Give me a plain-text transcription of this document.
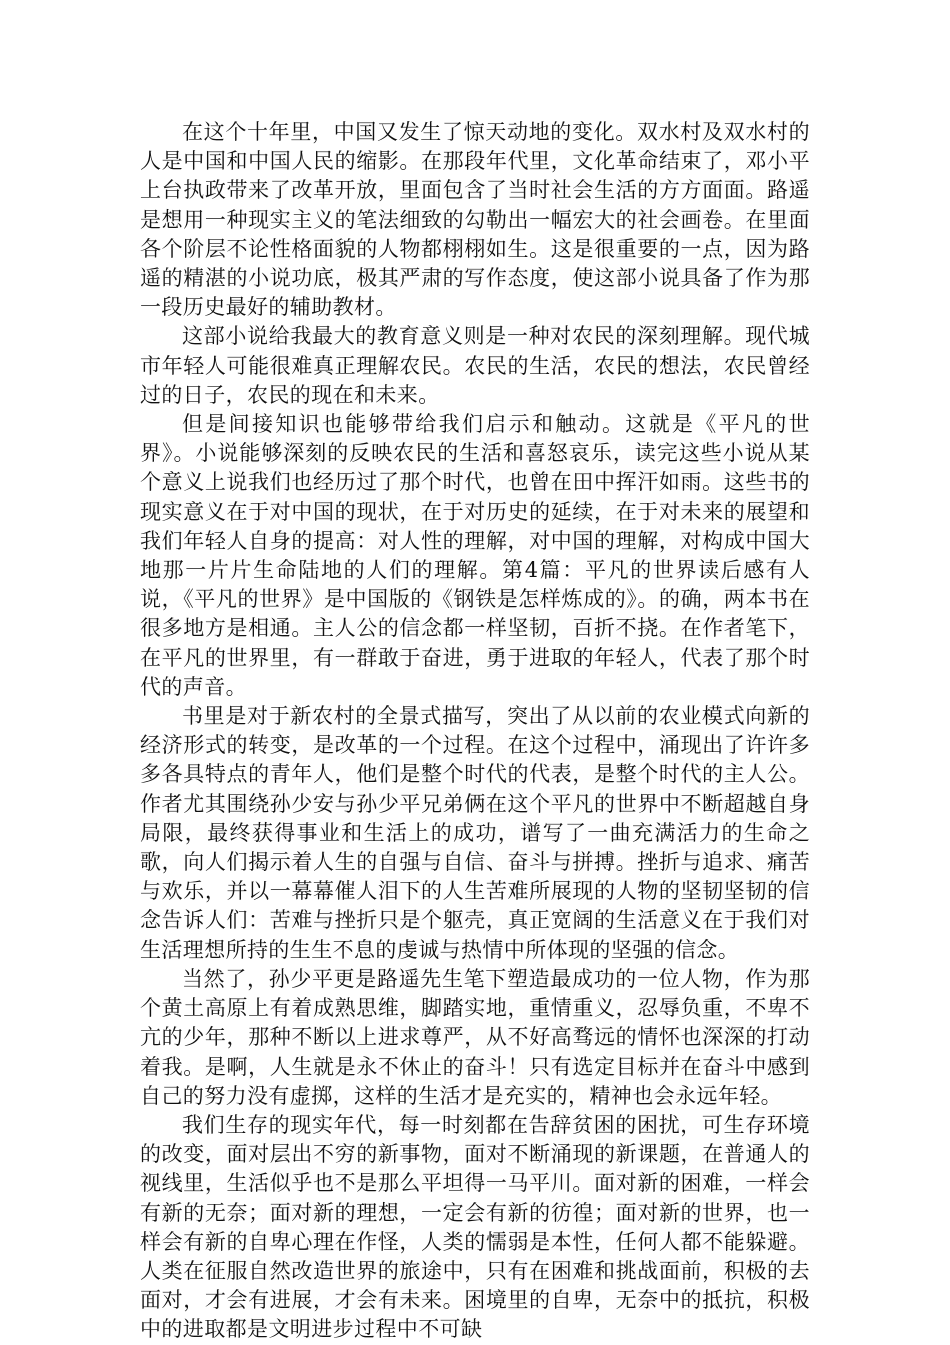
在这个十年里，中国又发生了惊天动地的变化。双水村及双水村的人是中国和中国人民的缩影。在那段年代里，文化革命结束了，邓小平上台执政带来了改革开放，里面包含了当时社会生活的方方面面。路遥是想用一种现实主义的笔法细致的勾勒出一幅宏大的社会画卷。在里面各个阶层不论性格面貌的人物都栩栩如生。这是很重要的一点，因为路遥的精湛的小说功底，极其严肃的写作态度，使这部小说具备了作为那一段历史最好的辅助教材。

这部小说给我最大的教育意义则是一种对农民的深刻理解。现代城市年轻人可能很难真正理解农民。农民的生活，农民的想法，农民曾经过的日子，农民的现在和未来。

但是间接知识也能够带给我们启示和触动。这就是《平凡的世界》。小说能够深刻的反映农民的生活和喜怒哀乐，读完这些小说从某个意义上说我们也经历过了那个时代，也曾在田中挥汗如雨。这些书的现实意义在于对中国的现状，在于对历史的延续，在于对未来的展望和我们年轻人自身的提高：对人性的理解，对中国的理解，对构成中国大地那一片片生命陆地的人们的理解。第4篇：平凡的世界读后感有人说，《平凡的世界》是中国版的《钢铁是怎样炼成的》。的确，两本书在很多地方是相通。主人公的信念都一样坚韧，百折不挠。在作者笔下，在平凡的世界里，有一群敢于奋进，勇于进取的年轻人，代表了那个时代的声音。

书里是对于新农村的全景式描写，突出了从以前的农业模式向新的经济形式的转变，是改革的一个过程。在这个过程中，涌现出了许许多多各具特点的青年人，他们是整个时代的代表，是整个时代的主人公。作者尤其围绕孙少安与孙少平兄弟俩在这个平凡的世界中不断超越自身局限，最终获得事业和生活上的成功，谱写了一曲充满活力的生命之歌，向人们揭示着人生的自强与自信、奋斗与拼搏。挫折与追求、痛苦与欢乐，并以一幕幕催人泪下的人生苦难所展现的人物的坚韧坚韧的信念告诉人们：苦难与挫折只是个躯壳，真正宽阔的生活意义在于我们对生活理想所持的生生不息的虔诚与热情中所体现的坚强的信念。

当然了，孙少平更是路遥先生笔下塑造最成功的一位人物，作为那个黄土高原上有着成熟思维，脚踏实地，重情重义，忍辱负重，不卑不亢的少年，那种不断以上进求尊严，从不好高骛远的情怀也深深的打动着我。是啊，人生就是永不休止的奋斗！只有选定目标并在奋斗中感到自己的努力没有虚掷，这样的生活才是充实的，精神也会永远年轻。

我们生存的现实年代，每一时刻都在告辞贫困的困扰，可生存环境的改变，面对层出不穷的新事物，面对不断涌现的新课题，在普通人的视线里，生活似乎也不是那么平坦得一马平川。面对新的困难，一样会有新的无奈；面对新的理想，一定会有新的彷徨；面对新的世界，也一样会有新的自卑心理在作怪，人类的懦弱是本性，任何人都不能躲避。人类在征服自然改造世界的旅途中，只有在困难和挑战面前，积极的去面对，才会有进展，才会有未来。困境里的自卑，无奈中的抵抗，积极中的进取都是文明进步过程中不可缺
